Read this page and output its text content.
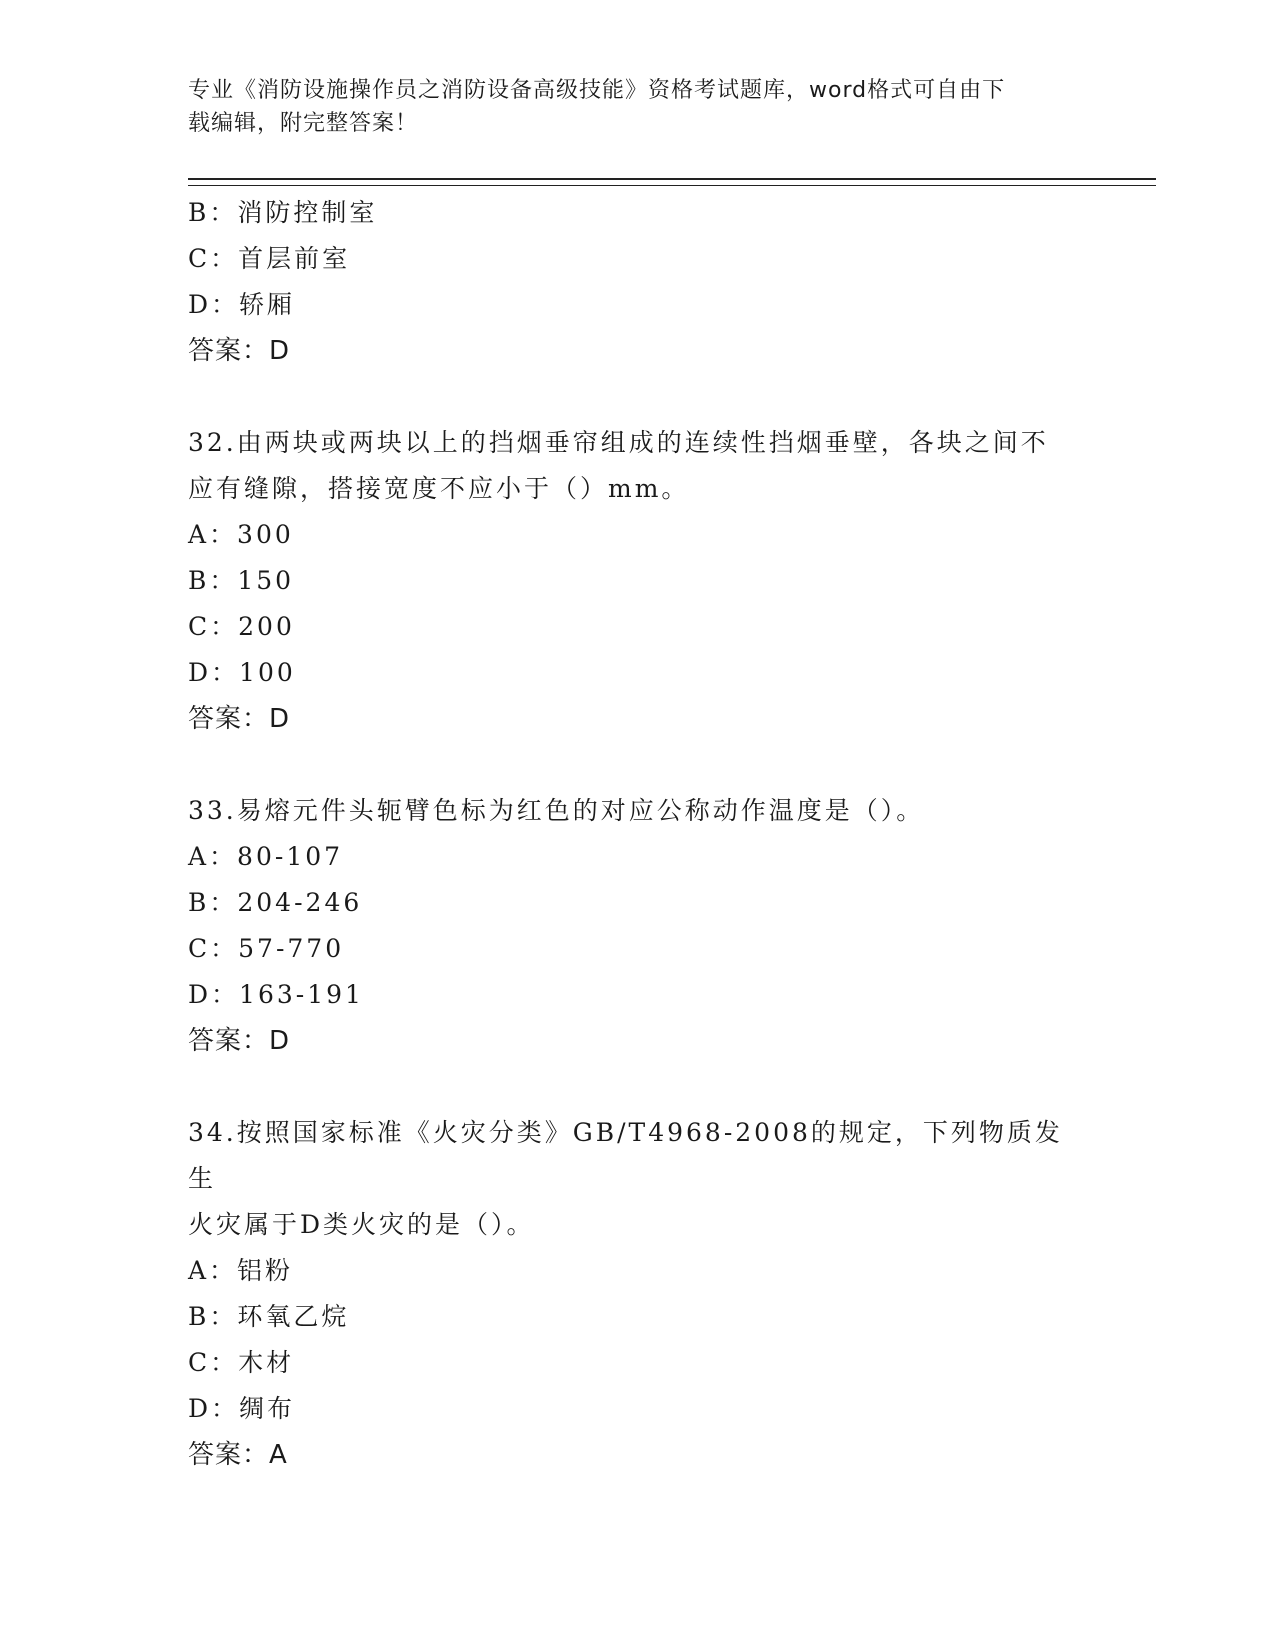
专业《消防设施操作员之消防设备高级技能》资格考试题库，word格式可自由下
载编辑，附完整答案！
B：消防控制室
C：首层前室
D：轿厢
答案：D
32.由两块或两块以上的挡烟垂帘组成的连续性挡烟垂壁，各块之间不
应有缝隙，搭接宽度不应小于（）mm。
A：300
B：150
C：200
D：100
答案：D
33.易熔元件头轭臂色标为红色的对应公称动作温度是（）。
A：80-107
B：204-246
C：57-770
D：163-191
答案：D
34.按照国家标准《火灾分类》GB/T4968-2008的规定，下列物质发生
火灾属于D类火灾的是（）。
A：铝粉
B：环氧乙烷
C：木材
D：绸布
答案：A
